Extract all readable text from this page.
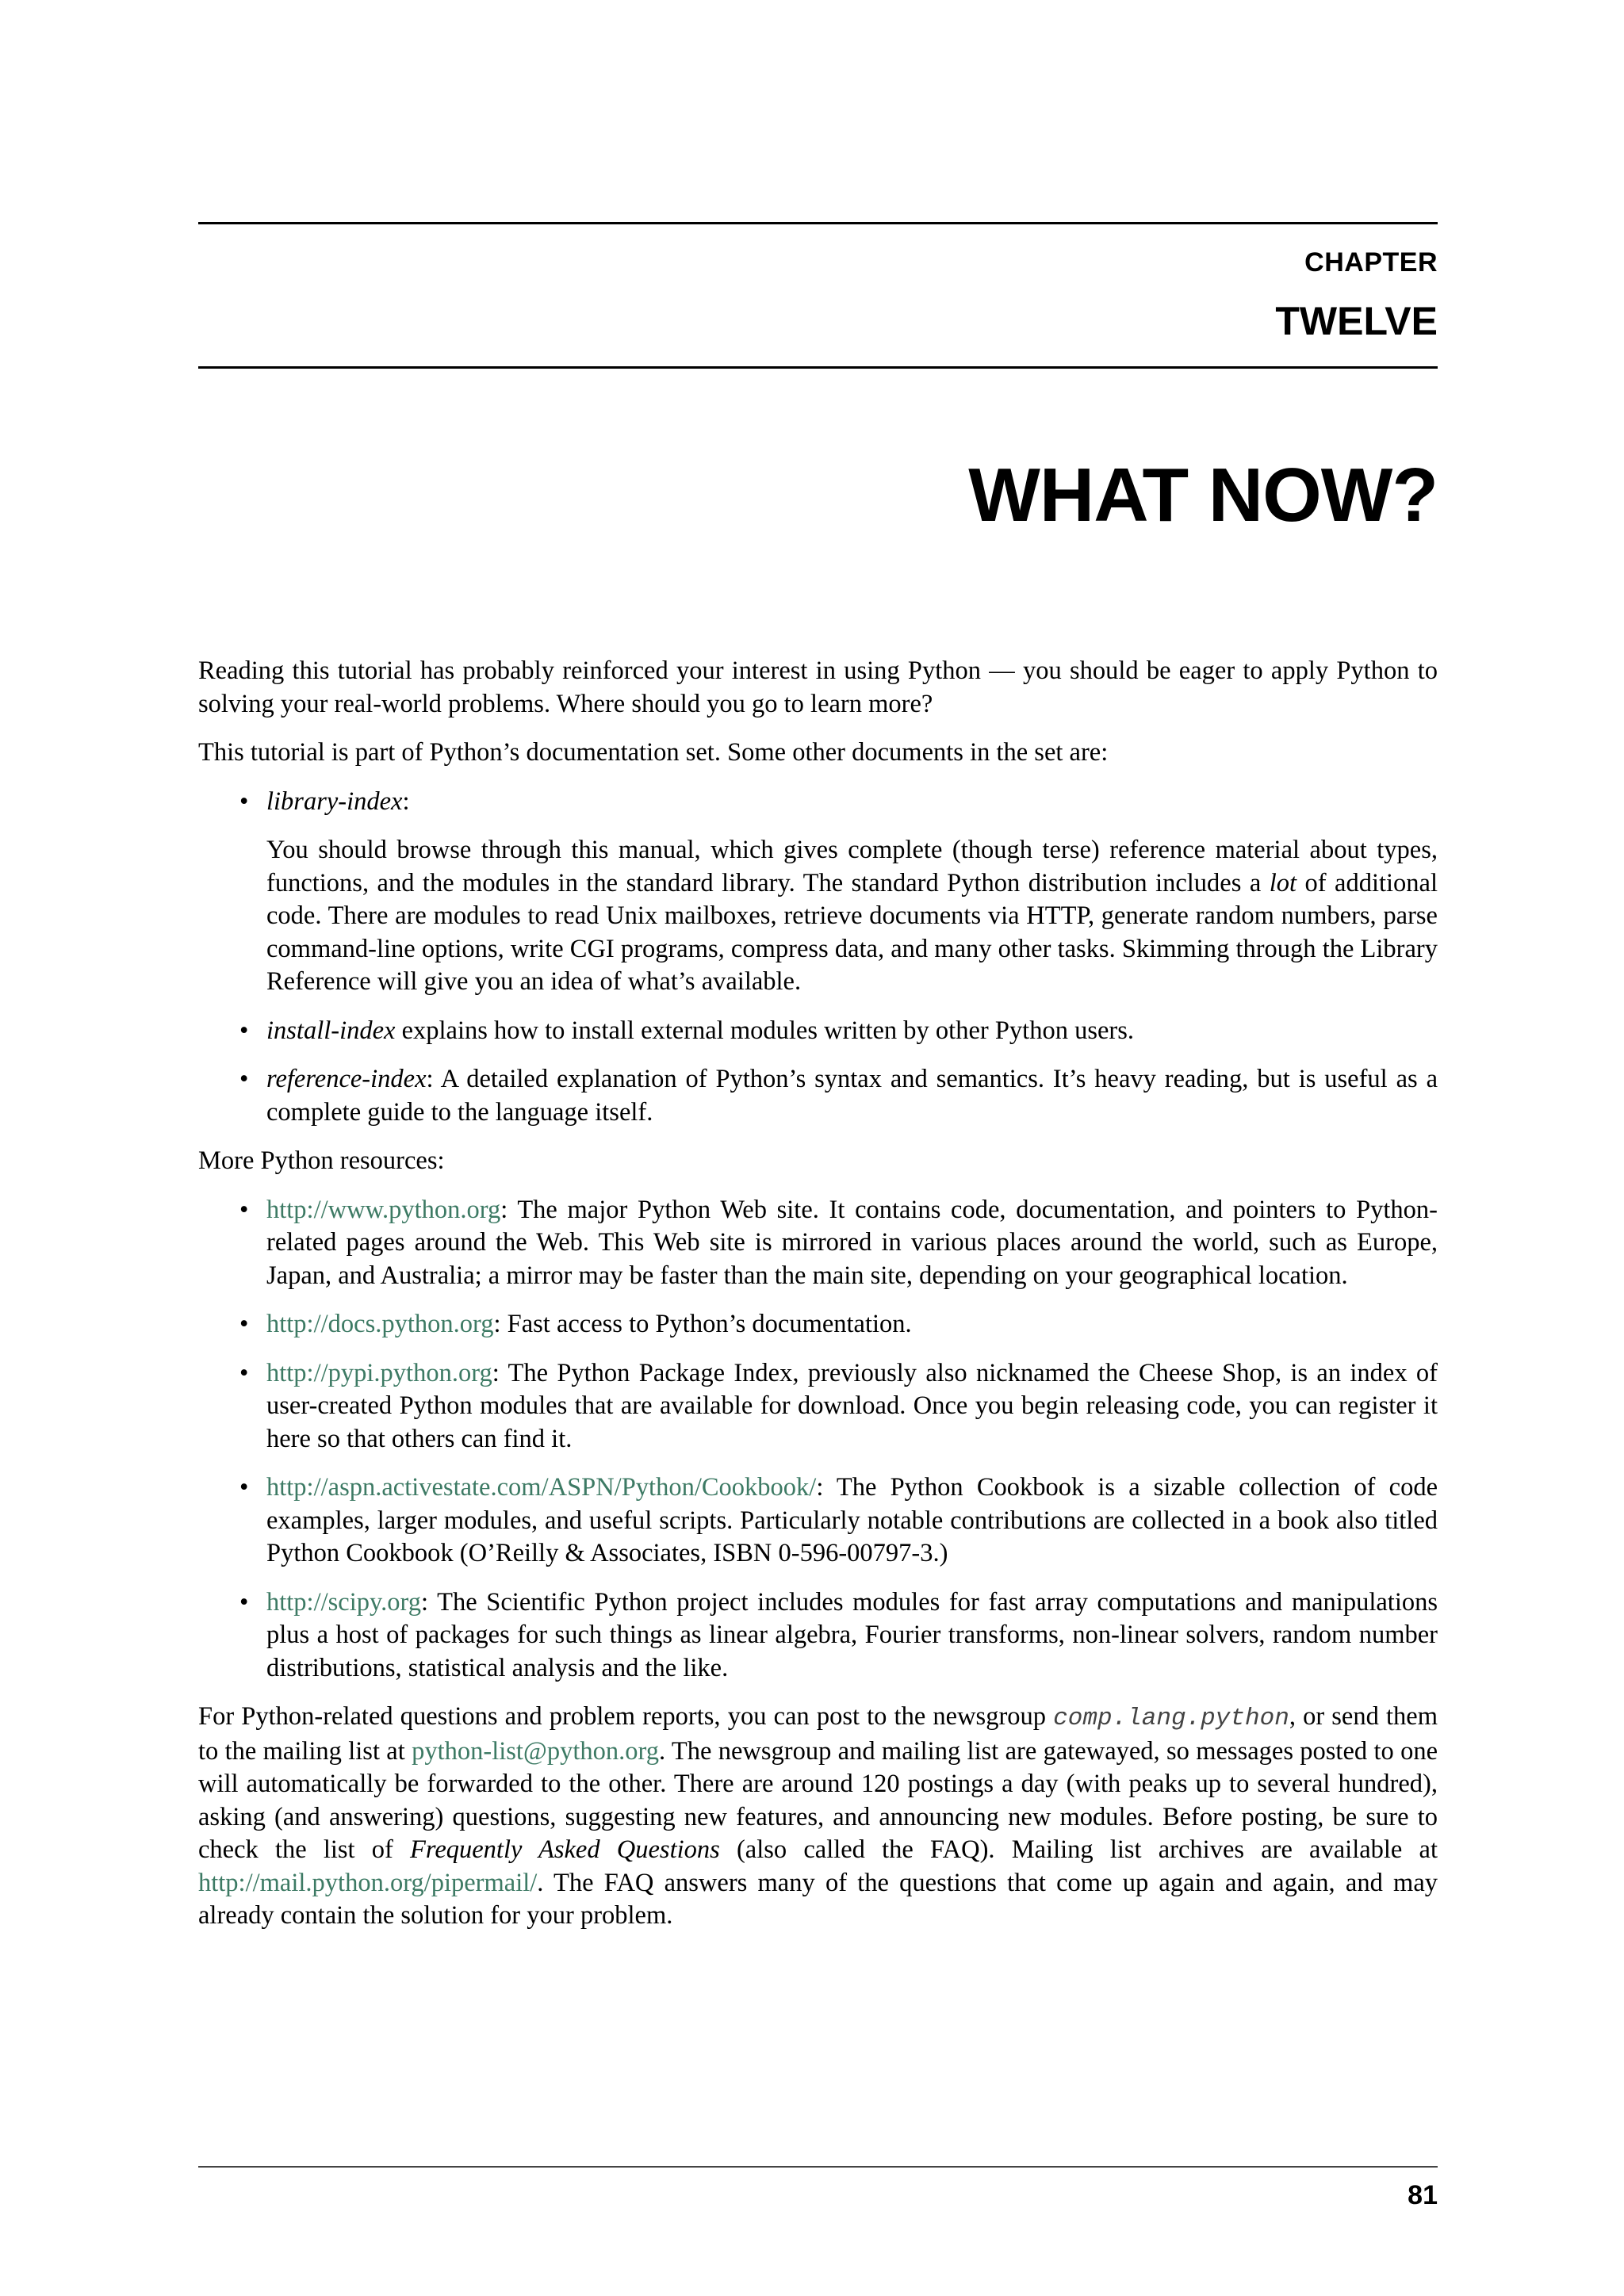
CHAPTER
TWELVE
WHAT NOW?

Reading this tutorial has probably reinforced your interest in using Python — you should be eager to apply Python to solving your real-world problems. Where should you go to learn more?

This tutorial is part of Python’s documentation set. Some other documents in the set are:

• library-index:
You should browse through this manual, which gives complete (though terse) reference material about types, functions, and the modules in the standard library. The standard Python distribution includes a lot of additional code. There are modules to read Unix mailboxes, retrieve documents via HTTP, generate random numbers, parse command-line options, write CGI programs, compress data, and many other tasks. Skimming through the Library Reference will give you an idea of what’s available.
• install-index explains how to install external modules written by other Python users.
• reference-index: A detailed explanation of Python’s syntax and semantics. It’s heavy reading, but is useful as a complete guide to the language itself.

More Python resources:

• http://www.python.org: The major Python Web site. It contains code, documentation, and pointers to Python-related pages around the Web. This Web site is mirrored in various places around the world, such as Europe, Japan, and Australia; a mirror may be faster than the main site, depending on your geographical location.
• http://docs.python.org: Fast access to Python’s documentation.
• http://pypi.python.org: The Python Package Index, previously also nicknamed the Cheese Shop, is an index of user-created Python modules that are available for download. Once you begin releasing code, you can register it here so that others can find it.
• http://aspn.activestate.com/ASPN/Python/Cookbook/: The Python Cookbook is a sizable collection of code examples, larger modules, and useful scripts. Particularly notable contributions are collected in a book also titled Python Cookbook (O’Reilly & Associates, ISBN 0-596-00797-3.)
• http://scipy.org: The Scientific Python project includes modules for fast array computations and manipulations plus a host of packages for such things as linear algebra, Fourier transforms, non-linear solvers, random number distributions, statistical analysis and the like.

For Python-related questions and problem reports, you can post to the newsgroup comp.lang.python, or send them to the mailing list at python-list@python.org. The newsgroup and mailing list are gatewayed, so messages posted to one will automatically be forwarded to the other. There are around 120 postings a day (with peaks up to several hundred), asking (and answering) questions, suggesting new features, and announcing new modules. Before posting, be sure to check the list of Frequently Asked Questions (also called the FAQ). Mailing list archives are available at http://mail.python.org/pipermail/. The FAQ answers many of the questions that come up again and again, and may already contain the solution for your problem.

81
